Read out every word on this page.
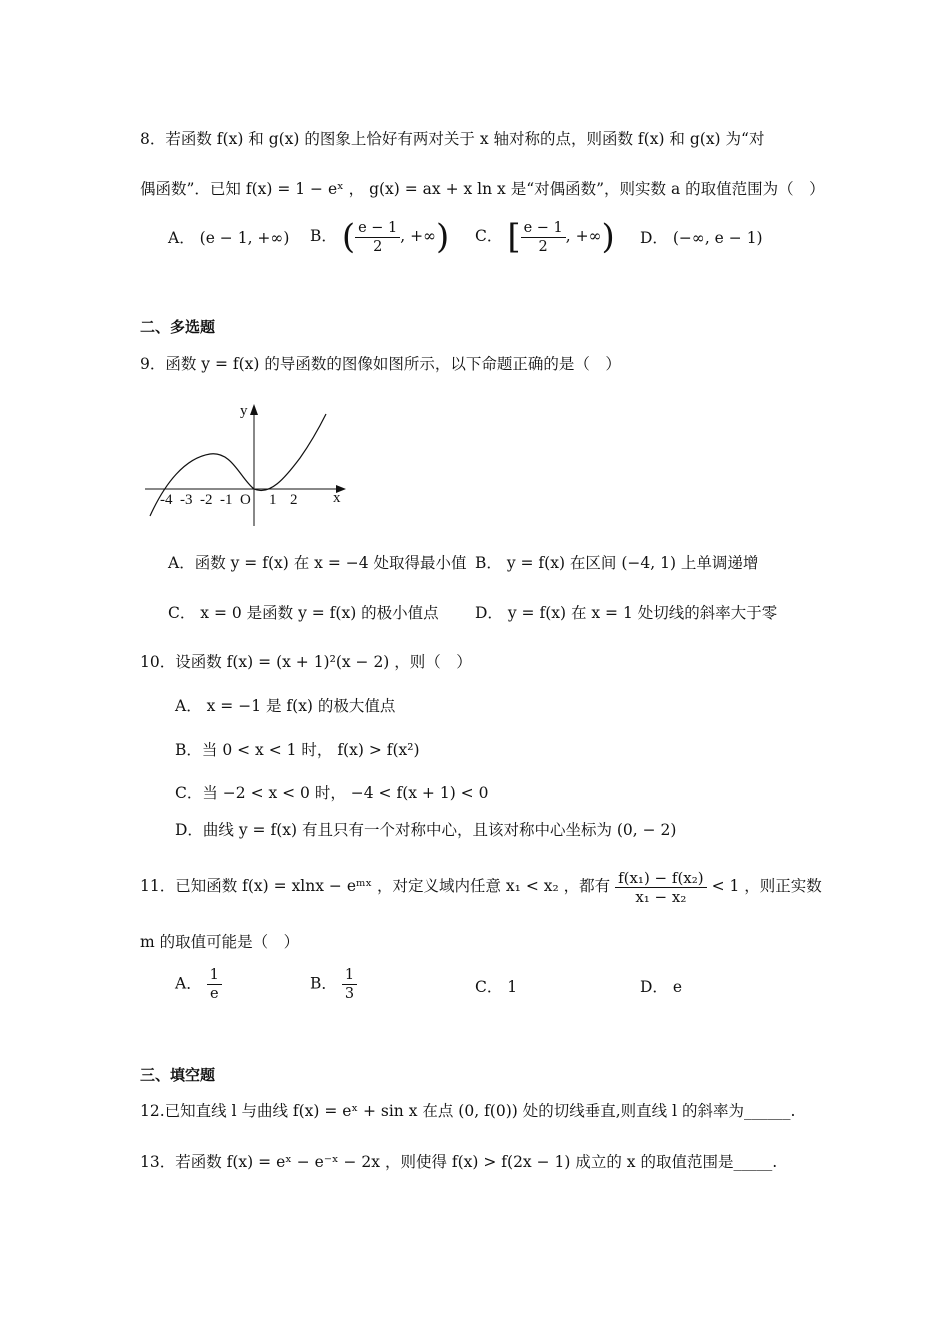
8．若函数 f(x) 和 g(x) 的图象上恰好有两对关于 x 轴对称的点，则函数 f(x) 和 g(x) 为“对
偶函数”．已知 f(x) = 1 − eˣ ， g(x) = ax + x ln x 是“对偶函数”，则实数 a 的取值范围为（　）
A． (e − 1, +∞) B． ( $\frac{e - 1}{2}$ , +∞) C． [ $\frac{e - 1}{2}$ , +∞) D． (−∞, e − 1)
二、多选题
9．函数 y = f(x) 的导函数的图像如图所示，以下命题正确的是（　）
y
x
O
-4 -3 -2 -1 1 2
A．函数 y = f(x) 在 x = −4 处取得最小值 B． y = f(x) 在区间 (−4, 1) 上单调递增
C． x = 0 是函数 y = f(x) 的极小值点 D． y = f(x) 在 x = 1 处切线的斜率大于零
10．设函数 f(x) = (x + 1)²(x − 2) ，则（　）
A． x = −1 是 f(x) 的极大值点
B．当 0 < x < 1 时， f(x) > f(x²)
C．当 −2 < x < 0 时， −4 < f(x + 1) < 0
D．曲线 y = f(x) 有且只有一个对称中心，且该对称中心坐标为 (0, − 2)
11．已知函数 f(x) = xlnx − eᵐˣ ，对定义域内任意 x₁ < x₂ ，都有 $\frac{\text{f(x₁) − f(x₂)}}{\text{x₁ − x₂}} < 1$ ，则正实数
m 的取值可能是（　）
A． $\frac{1}{e}$	B． $\frac{1}{3}$	C． 1	D． e
三、填空题
12.已知直线 l 与曲线 f(x) = eˣ + sin x 在点 (0, f(0)) 处的切线垂直,则直线 l 的斜率为______.
13．若函数 f(x) = eˣ − e⁻ˣ − 2x ，则使得 f(x) > f(2x − 1) 成立的 x 的取值范围是_____.
